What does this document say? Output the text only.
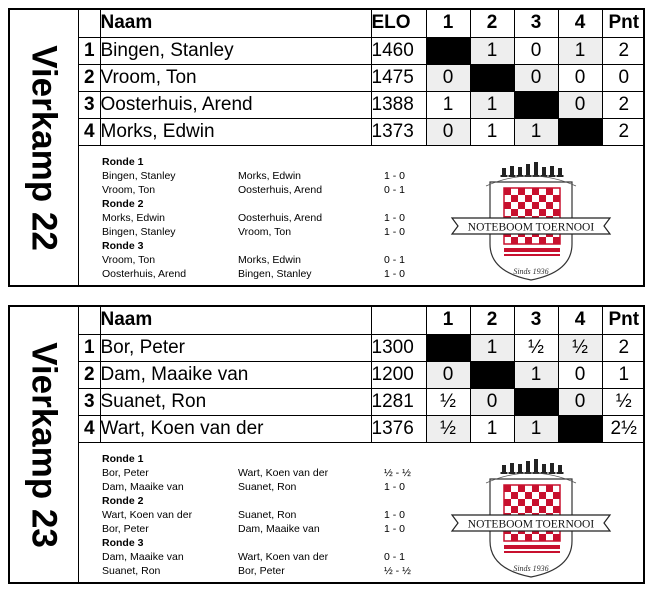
Vierkamp 22
	Naam	ELO	1	2	3	4	Pnt
1	Bingen, Stanley	1460		1	0	1	2
2	Vroom, Ton	1475	0		0	0	0
3	Oosterhuis, Arend	1388	1	1		0	2
4	Morks, Edwin	1373	0	1	1		2
Ronde 1
Bingen, Stanley	Morks, Edwin	1 - 0
Vroom, Ton	Oosterhuis, Arend	0 - 1
Ronde 2
Morks, Edwin	Oosterhuis, Arend	1 - 0
Bingen, Stanley	Vroom, Ton	1 - 0
Ronde 3
Vroom, Ton	Morks, Edwin	0 - 1
Oosterhuis, Arend	Bingen, Stanley	1 - 0
NOTEBOOM TOERNOOI
Sinds 1936
Vierkamp 23
	Naam		1	2	3	4	Pnt
1	Bor, Peter	1300		1	½	½	2
2	Dam, Maaike van	1200	0		1	0	1
3	Suanet, Ron	1281	½	0		0	½
4	Wart, Koen van der	1376	½	1	1		2½
Ronde 1
Bor, Peter	Wart, Koen van der	½ - ½
Dam, Maaike van	Suanet, Ron	1 - 0
Ronde 2
Wart, Koen van der	Suanet, Ron	1 - 0
Bor, Peter	Dam, Maaike van	1 - 0
Ronde 3
Dam, Maaike van	Wart, Koen van der	0 - 1
Suanet, Ron	Bor, Peter	½ - ½
NOTEBOOM TOERNOOI
Sinds 1936
